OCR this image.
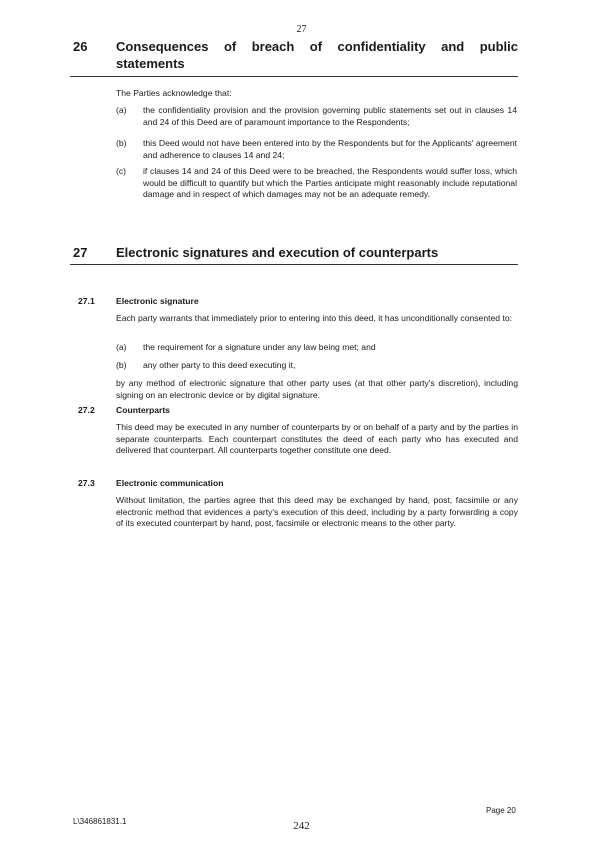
27
26 Consequences of breach of confidentiality and public statements
The Parties acknowledge that:
(a) the confidentiality provision and the provision governing public statements set out in clauses 14 and 24 of this Deed are of paramount importance to the Respondents;
(b) this Deed would not have been entered into by the Respondents but for the Applicants' agreement and adherence to clauses 14 and 24;
(c) if clauses 14 and 24 of this Deed were to be breached, the Respondents would suffer loss, which would be difficult to quantify but which the Parties anticipate might reasonably include reputational damage and in respect of which damages may not be an adequate remedy.
27 Electronic signatures and execution of counterparts
27.1 Electronic signature
Each party warrants that immediately prior to entering into this deed, it has unconditionally consented to:
(a) the requirement for a signature under any law being met; and
(b) any other party to this deed executing it,
by any method of electronic signature that other party uses (at that other party's discretion), including signing on an electronic device or by digital signature.
27.2 Counterparts
This deed may be executed in any number of counterparts by or on behalf of a party and by the parties in separate counterparts. Each counterpart constitutes the deed of each party who has executed and delivered that counterpart. All counterparts together constitute one deed.
27.3 Electronic communication
Without limitation, the parties agree that this deed may be exchanged by hand, post, facsimile or any electronic method that evidences a party's execution of this deed, including by a party forwarding a copy of its executed counterpart by hand, post, facsimile or electronic means to the other party.
Page 20
L\346861831.1	242
